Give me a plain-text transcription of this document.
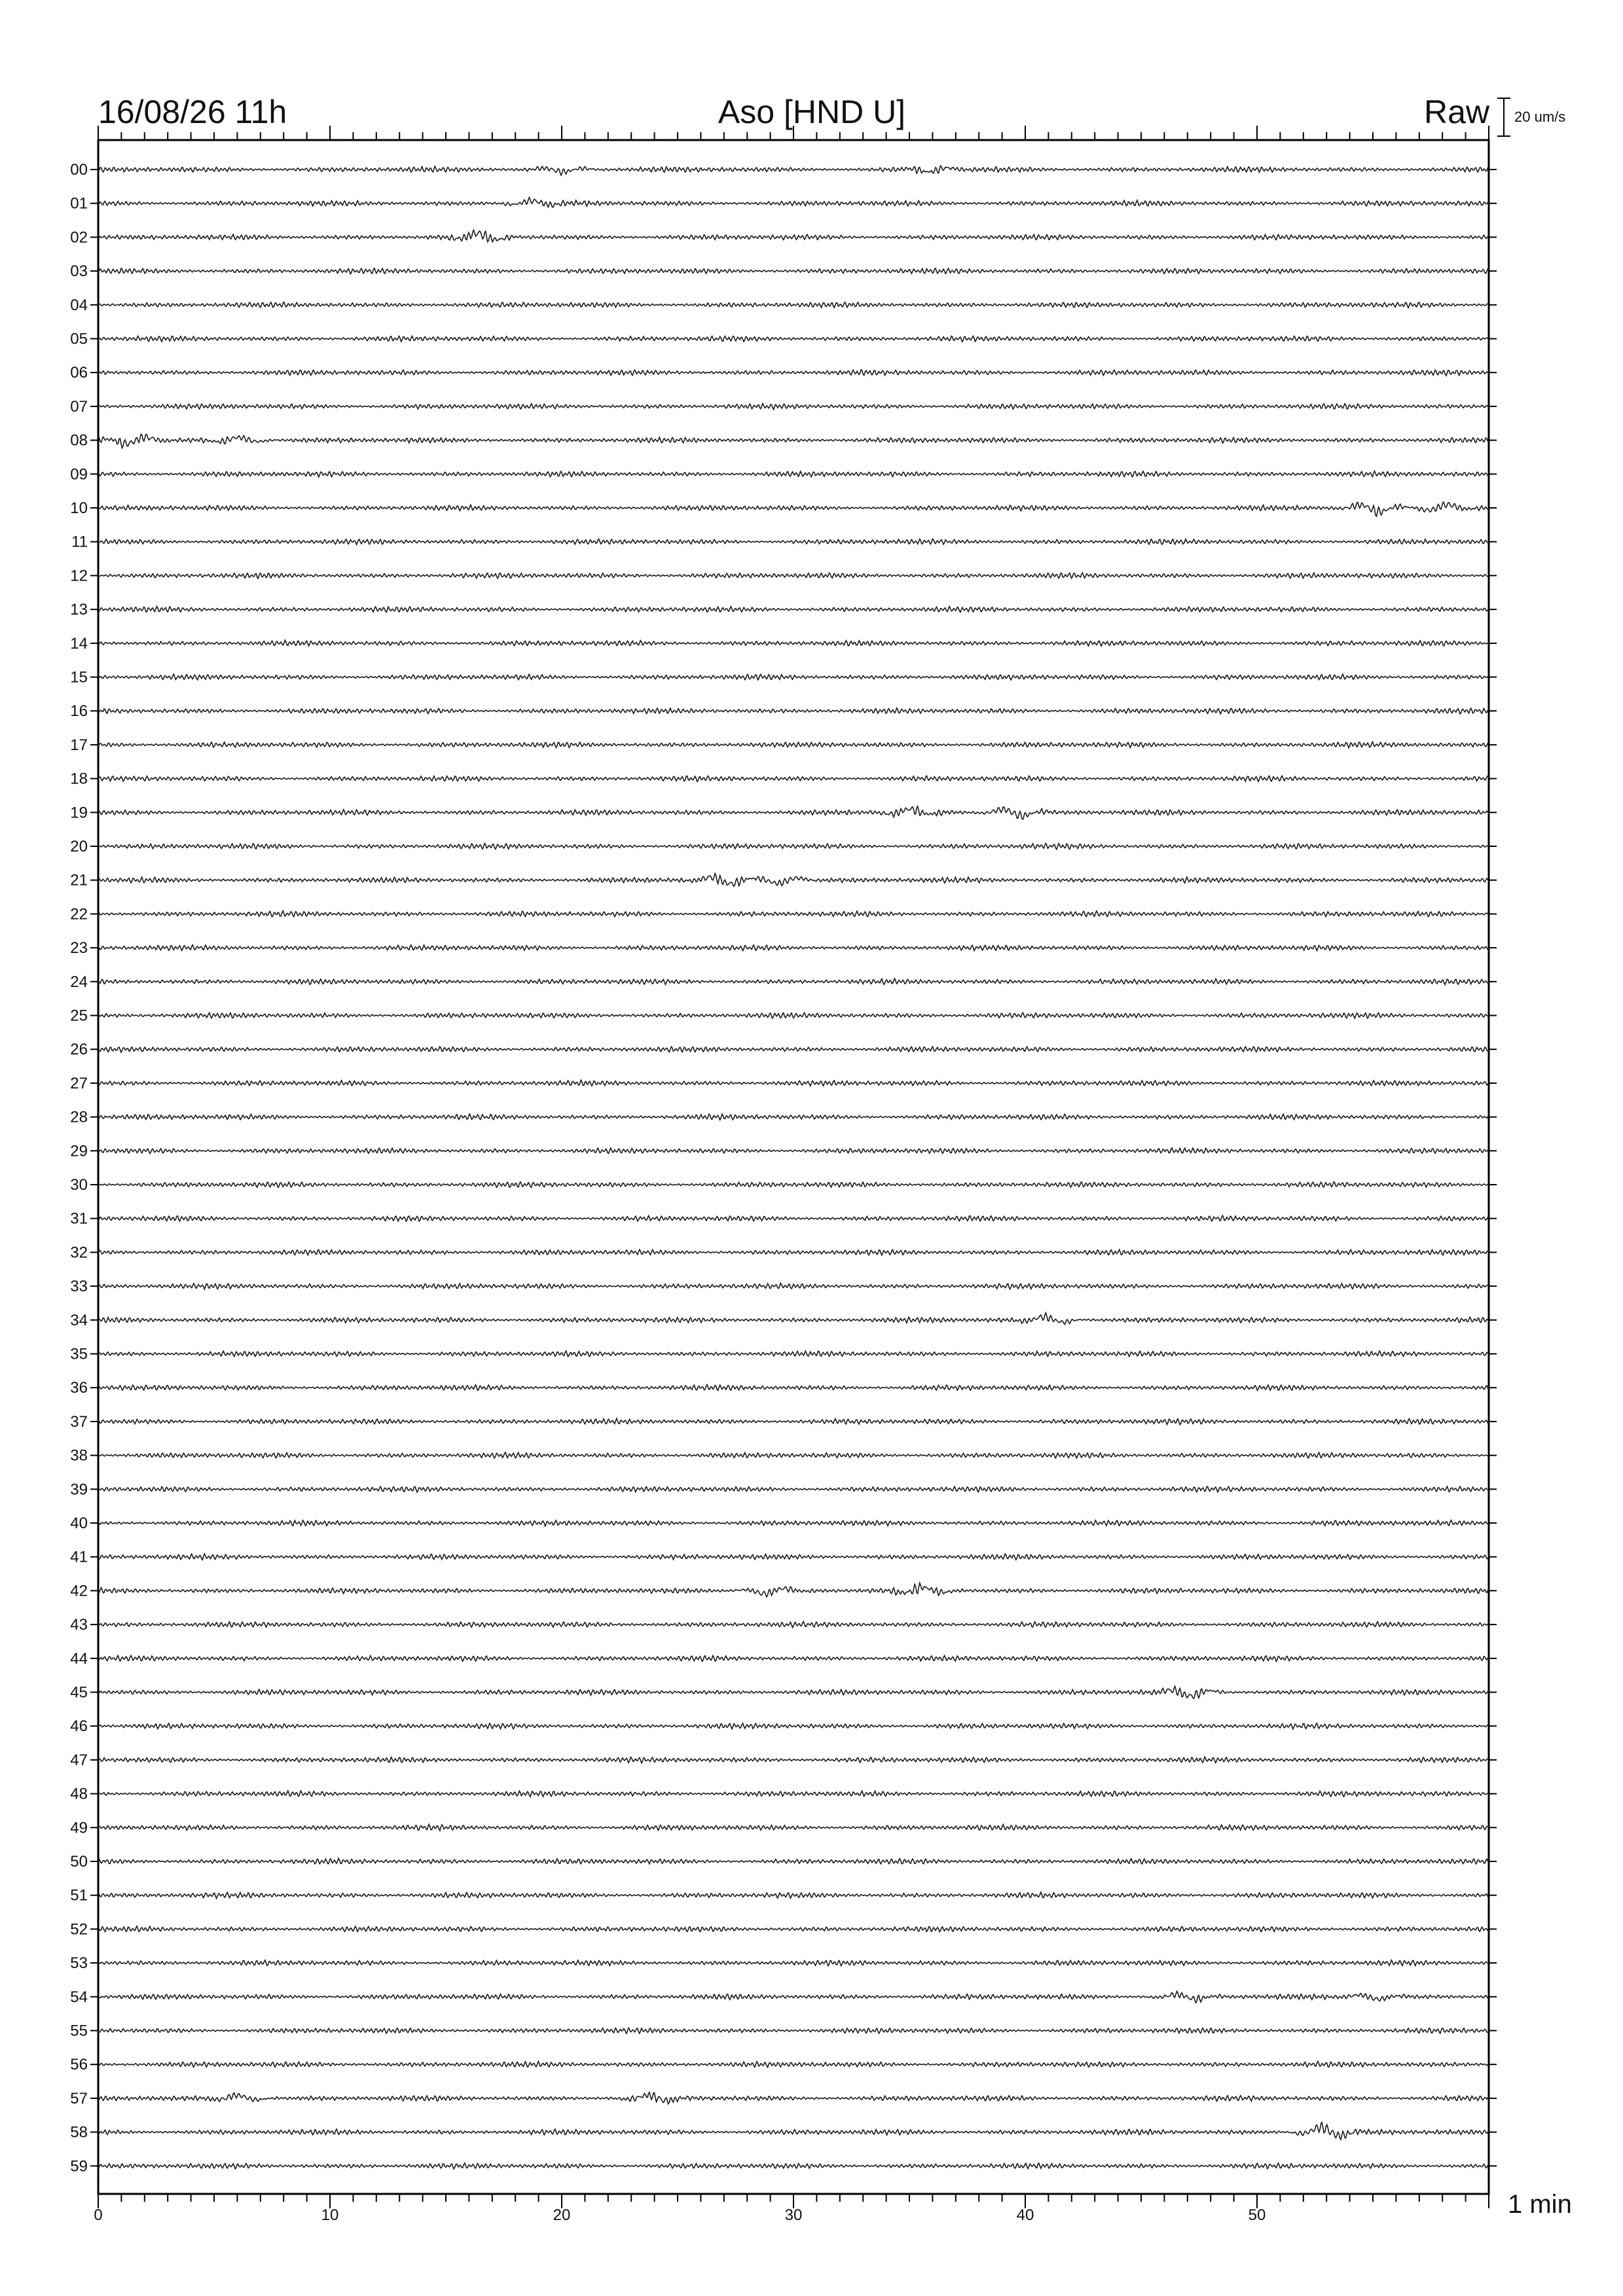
16/08/26 11h	Aso [HND U]	Raw 20 um/s
00
01
02
03
04
05
06
07
08
09
10
11
12
13
14
15
16
17
18
19
20
21
22
23
24
25
26
27
28
29
30
31
32
33
34
35
36
37
38
39
40
41
42
43
44
45
46
47
48
49
50
51
52
53
54
55
56
57
58
59
0	10	20	30	40	50	1 min
